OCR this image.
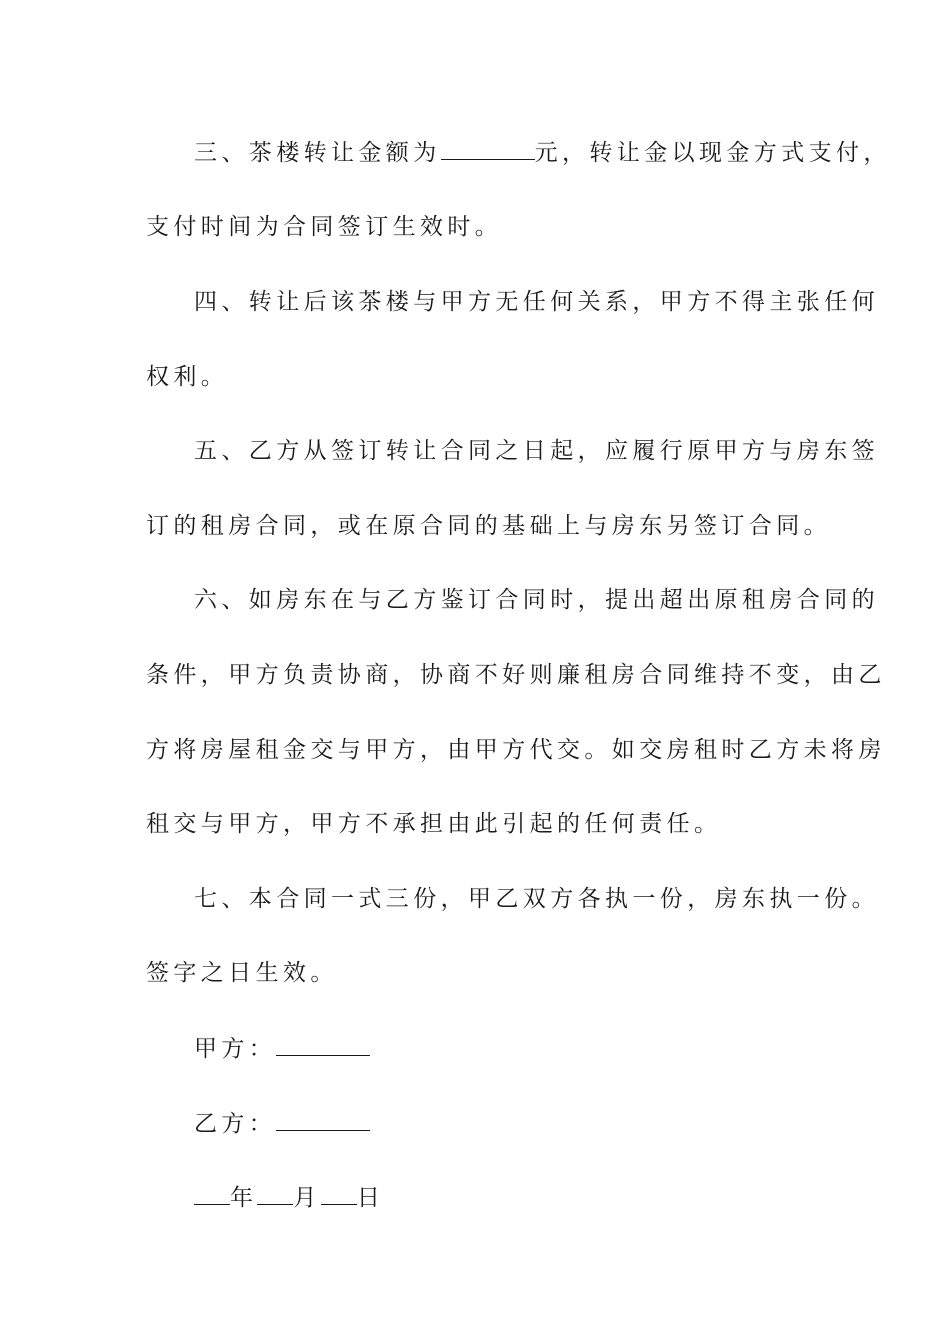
三、茶楼转让金额为	元，转让金以现金方式支付，
支付时间为合同签订生效时。
四、转让后该茶楼与甲方无任何关系，甲方不得主张任何
权利。
五、乙方从签订转让合同之日起，应履行原甲方与房东签
订的租房合同，或在原合同的基础上与房东另签订合同。
六、如房东在与乙方鉴订合同时，提出超出原租房合同的
条件，甲方负责协商，协商不好则廉租房合同维持不变，由乙
方将房屋租金交与甲方，由甲方代交。如交房租时乙方未将房
租交与甲方，甲方不承担由此引起的任何责任。
七、本合同一式三份，甲乙双方各执一份，房东执一份。
签字之日生效。
甲方：
乙方：
年 月 日
